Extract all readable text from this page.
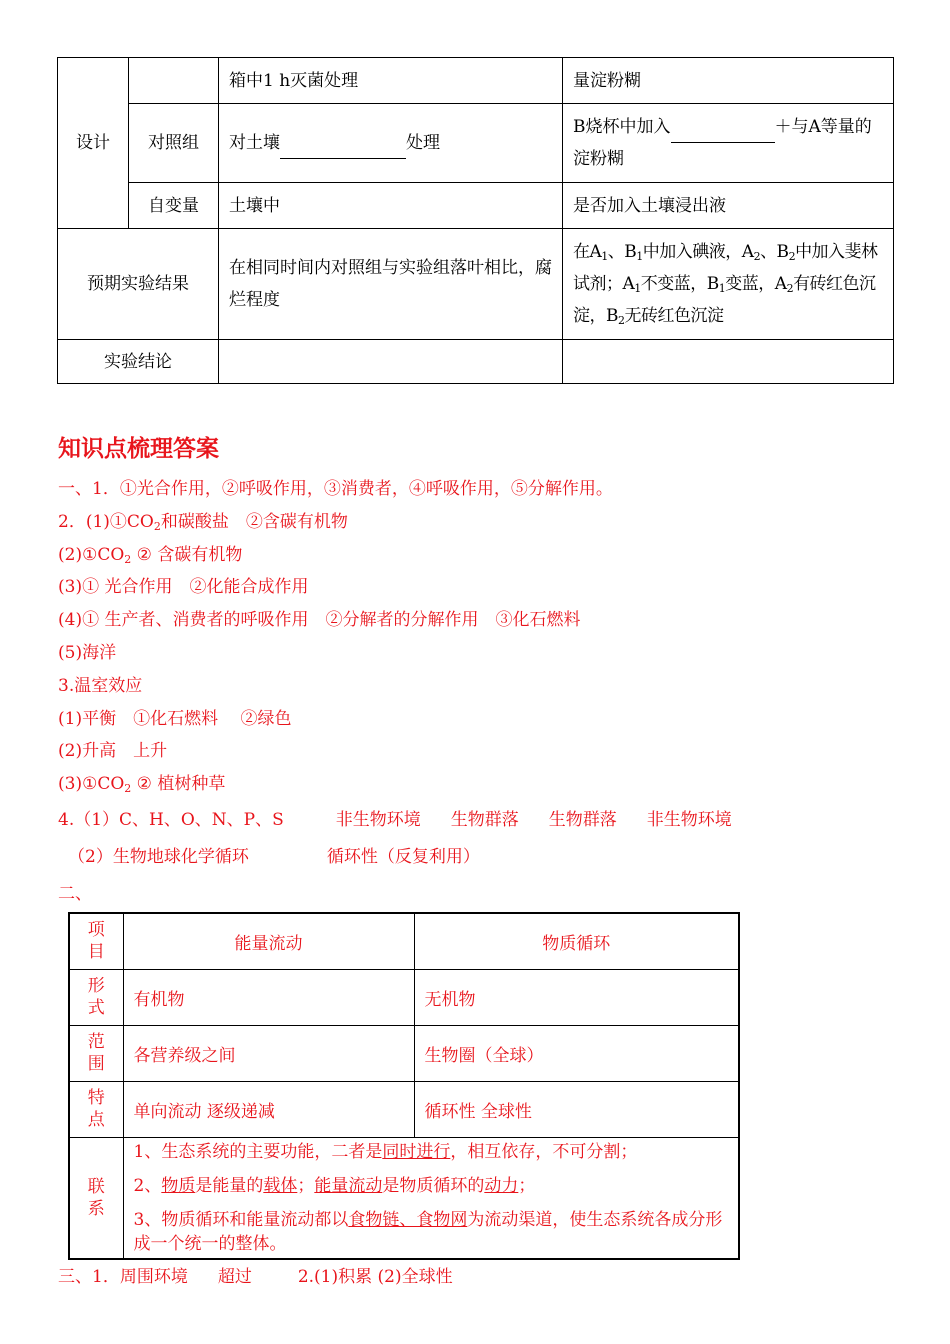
设计		箱中1 h灭菌处理	量淀粉糊
	对照组	对土壤 处理	B烧杯中加入 ＋与A等量的淀粉糊
	自变量	土壤中	是否加入土壤浸出液
预期实验结果		在相同时间内对照组与实验组落叶相比，腐烂程度	在$A_1$、$B_1$中加入碘液，$A_2$、$B_2$中加入斐林试剂；$A_1$不变蓝，$B_1$变蓝，$A_2$有砖红色沉淀，$B_2$无砖红色沉淀
实验结论			
知识点梳理答案
一、1．①光合作用，②呼吸作用，③消费者，④呼吸作用，⑤分解作用。
2．$(1)①CO_2$和碳酸盐　②含碳有机物
$(2)①CO_2$ ② 含碳有机物
(3)① 光合作用　②化能合成作用
(4)① 生产者、消费者的呼吸作用　②分解者的分解作用　③化石燃料
(5)海洋
3.温室效应
(1)平衡　①化石燃料　 ②绿色
(2)升高　上升
$(3)①CO_2$ ② 植树种草
4.（1）C、H、O、N、P、S	非生物环境 生物群落 生物群落 非生物环境
（2）生物地球化学循环	循环性（反复利用）
二、
项目	能量流动	物质循环
形式	有机物	无机物
范围	各营养级之间	生物圈（全球）
特点	单向流动 逐级递减	循环性 全球性
联系	1、生态系统的主要功能，二者是同时进行，相互依存，不可分割；

2、物质是能量的载体；能量流动是物质循环的动力；

3、物质循环和能量流动都以食物链、食物网为流动渠道，使生态系统各成分形成一个统一的整体。	

三、1．周围环境 超过	2.(1)积累 (2)全球性
